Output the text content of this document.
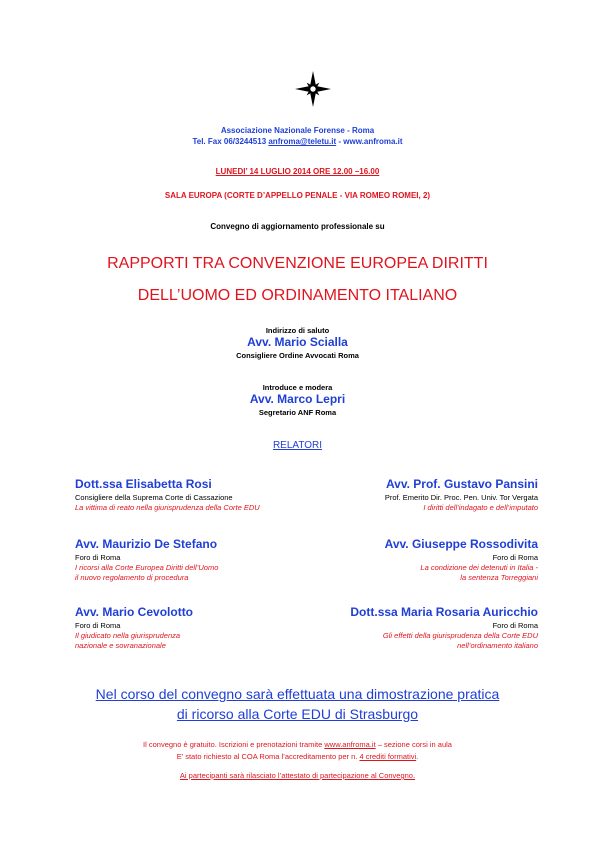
Associazione Nazionale Forense - Roma
Tel. Fax 06/3244513 anfroma@teletu.it - www.anfroma.it
LUNEDI’ 14 LUGLIO 2014 ORE 12.00 –16.00
SALA EUROPA (CORTE D’APPELLO PENALE - VIA ROMEO ROMEI, 2)
Convegno di aggiornamento professionale su
RAPPORTI TRA CONVENZIONE EUROPEA DIRITTI
DELL’UOMO ED ORDINAMENTO ITALIANO
Indirizzo di saluto
Avv. Mario Scialla
Consigliere Ordine Avvocati Roma
Introduce e modera
Avv. Marco Lepri
Segretario ANF Roma
RELATORI
Dott.ssa Elisabetta Rosi
Consigliere della Suprema Corte di Cassazione
La vittima di reato nella giurisprudenza della Corte EDU
Avv. Prof. Gustavo Pansini
Prof. Emerito Dir. Proc. Pen. Univ. Tor Vergata
I diritti dell’indagato e dell’imputato
Avv. Maurizio De Stefano
Foro di Roma
I ricorsi alla Corte Europea Diritti dell’Uomo
il nuovo regolamento di procedura
Avv. Giuseppe Rossodivita
Foro di Roma
La condizione dei detenuti in Italia -
la sentenza Torreggiani
Avv. Mario Cevolotto
Foro di Roma
Il giudicato nella giurisprudenza
nazionale e sovranazionale
Dott.ssa Maria Rosaria Auricchio
Foro di Roma
Gli effetti della giurisprudenza della Corte EDU
nell’ordinamento italiano
Nel corso del convegno sarà effettuata una dimostrazione pratica
di ricorso alla Corte EDU di Strasburgo
Il convegno è gratuito. Iscrizioni e prenotazioni tramite www.anfroma.it – sezione corsi in aula
E’ stato richiesto al COA Roma l’accreditamento per n. 4 crediti formativi.
Ai partecipanti sarà rilasciato l’attestato di partecipazione al Convegno.
